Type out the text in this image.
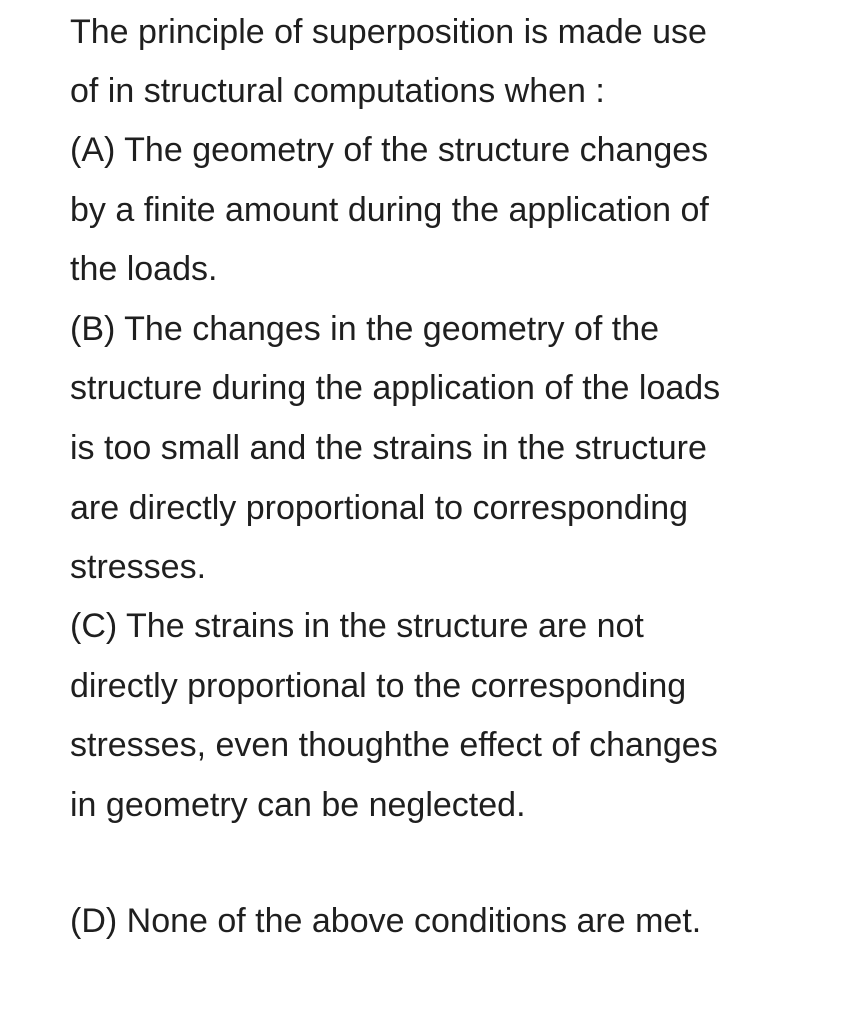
The principle of superposition is made use
of in structural computations when :
(A) The geometry of the structure changes
by a finite amount during the application of
the loads.
(B) The changes in the geometry of the
structure during the application of the loads
is too small and the strains in the structure
are directly proportional to corresponding
stresses.
(C) The strains in the structure are not
directly proportional to the corresponding
stresses, even thoughthe effect of changes
in geometry can be neglected.
(D) None of the above conditions are met.
